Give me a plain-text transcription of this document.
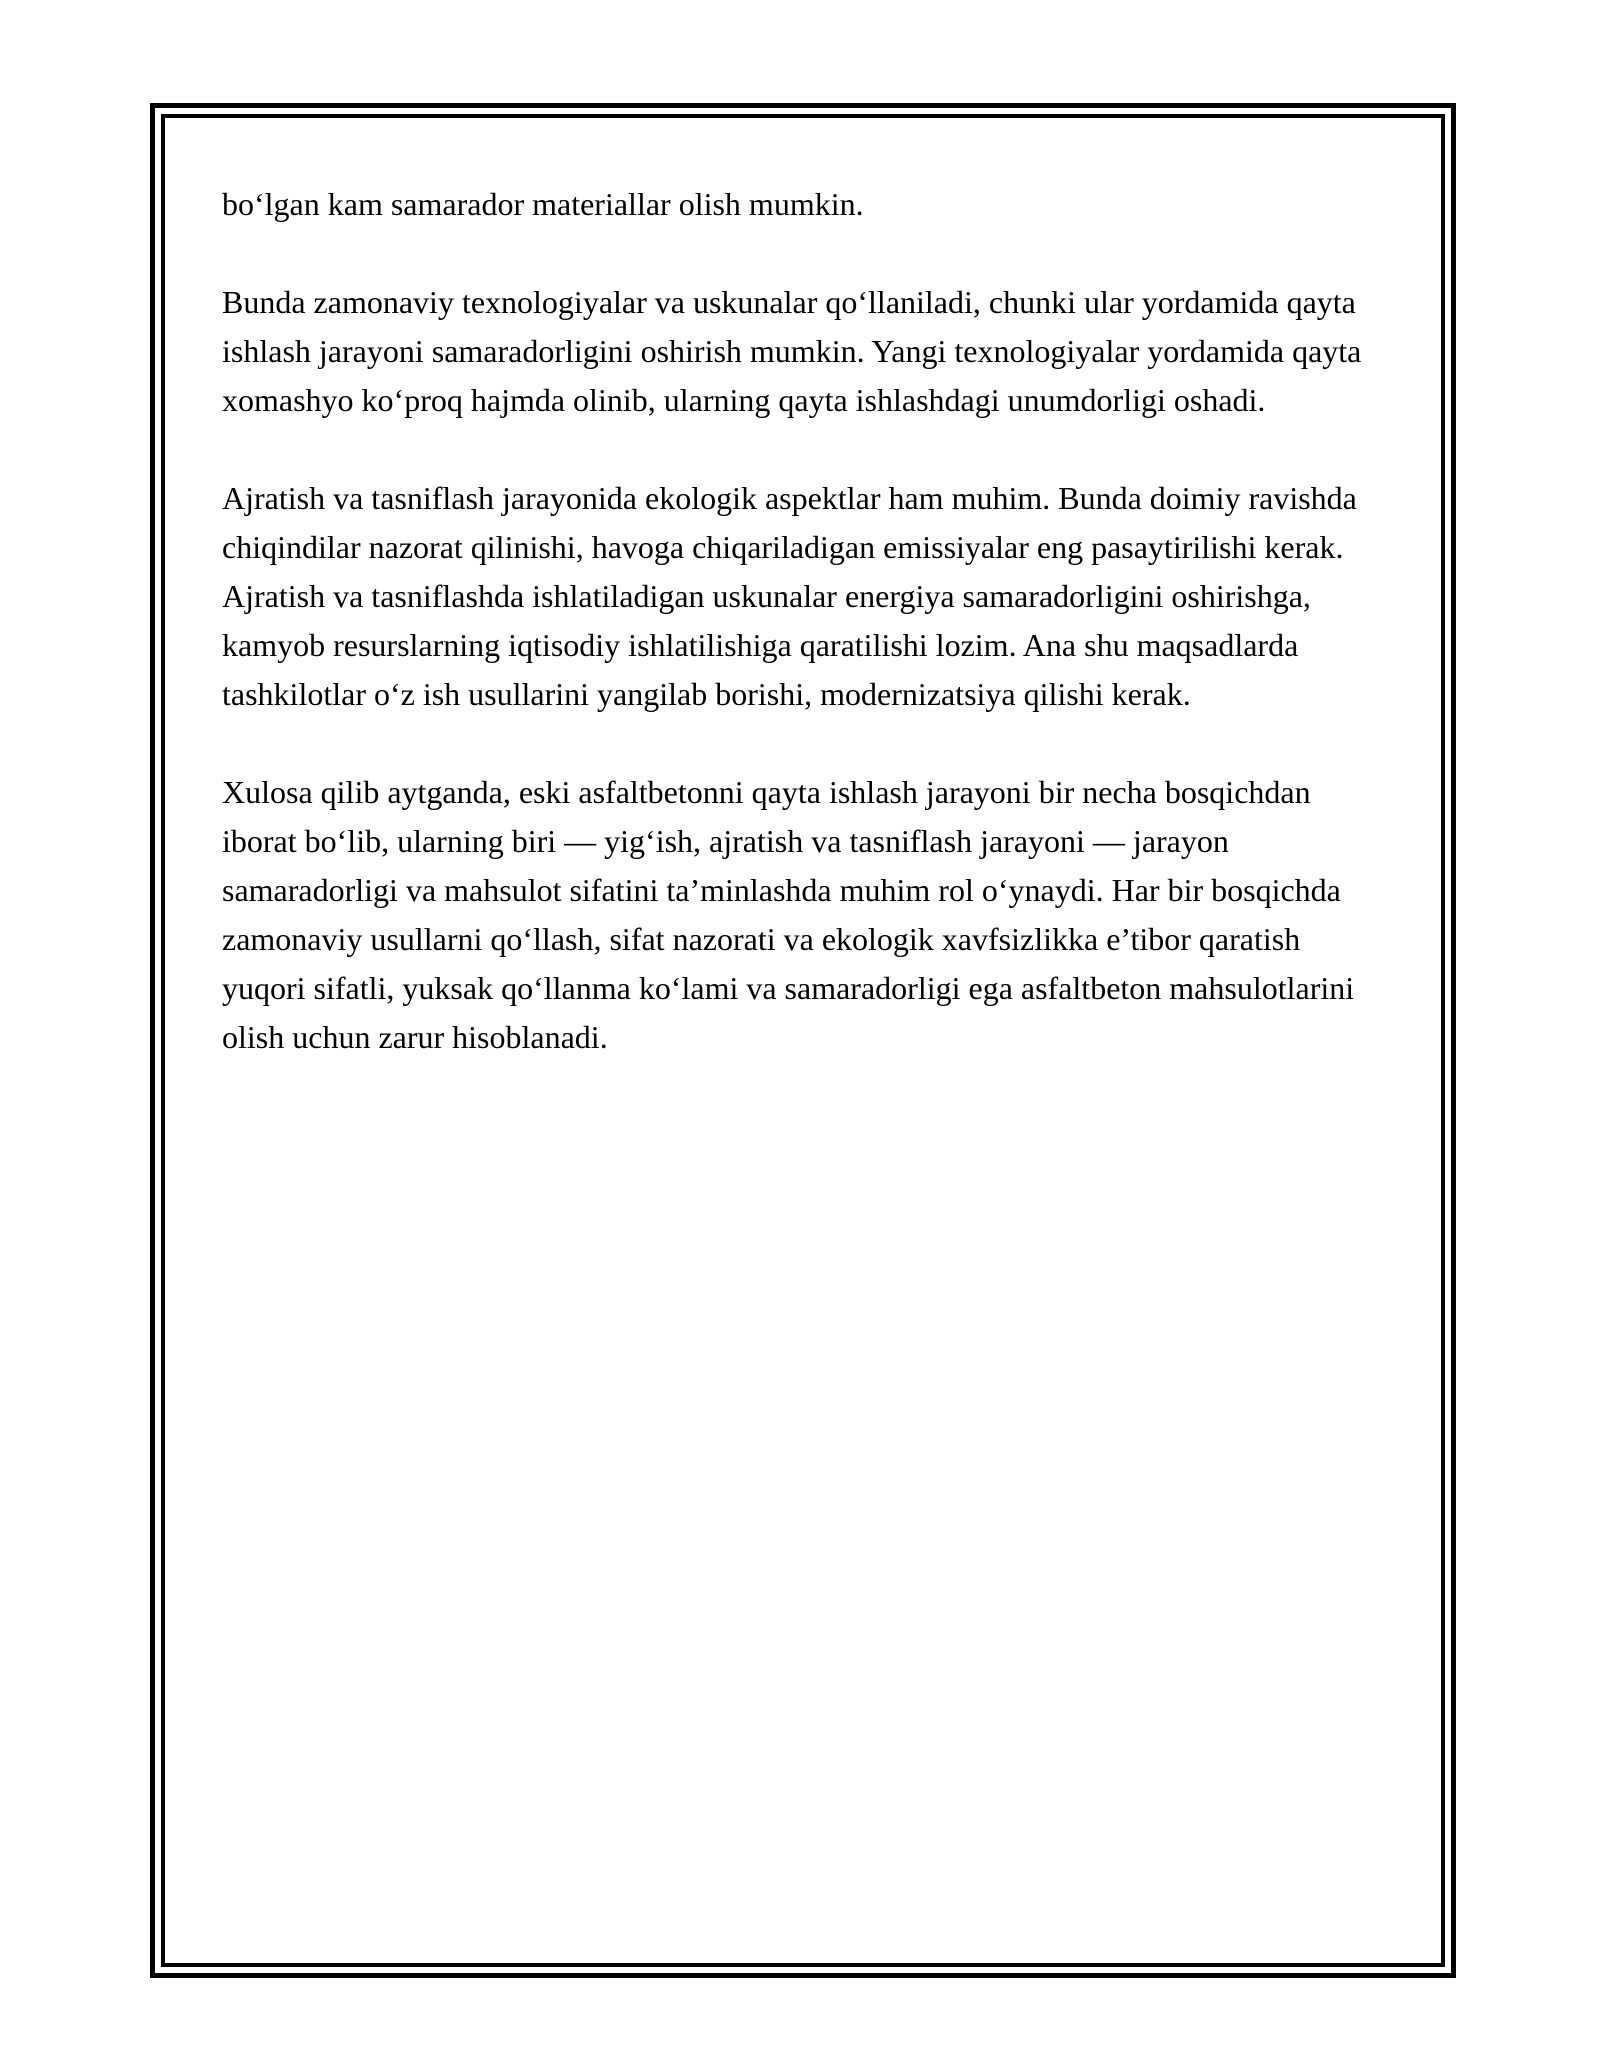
bo‘lgan kam samarador materiallar olish mumkin.

Bunda zamonaviy texnologiyalar va uskunalar qo‘llaniladi, chunki ular yordamida qayta ishlash jarayoni samaradorligini oshirish mumkin. Yangi texnologiyalar yordamida qayta xomashyo ko‘proq hajmda olinib, ularning qayta ishlashdagi unumdorligi oshadi.

Ajratish va tasniflash jarayonida ekologik aspektlar ham muhim. Bunda doimiy ravishda chiqindilar nazorat qilinishi, havoga chiqariladigan emissiyalar eng pasaytirilishi kerak. Ajratish va tasniflashda ishlatiladigan uskunalar energiya samaradorligini oshirishga, kamyob resurslarning iqtisodiy ishlatilishiga qaratilishi lozim. Ana shu maqsadlarda tashkilotlar o‘z ish usullarini yangilab borishi, modernizatsiya qilishi kerak.

Xulosa qilib aytganda, eski asfaltbetonni qayta ishlash jarayoni bir necha bosqichdan iborat bo‘lib, ularning biri — yig‘ish, ajratish va tasniflash jarayoni — jarayon samaradorligi va mahsulot sifatini ta’minlashda muhim rol o‘ynaydi. Har bir bosqichda zamonaviy usullarni qo‘llash, sifat nazorati va ekologik xavfsizlikka e’tibor qaratish yuqori sifatli, yuksak qo‘llanma ko‘lami va samaradorligi ega asfaltbeton mahsulotlarini olish uchun zarur hisoblanadi.
